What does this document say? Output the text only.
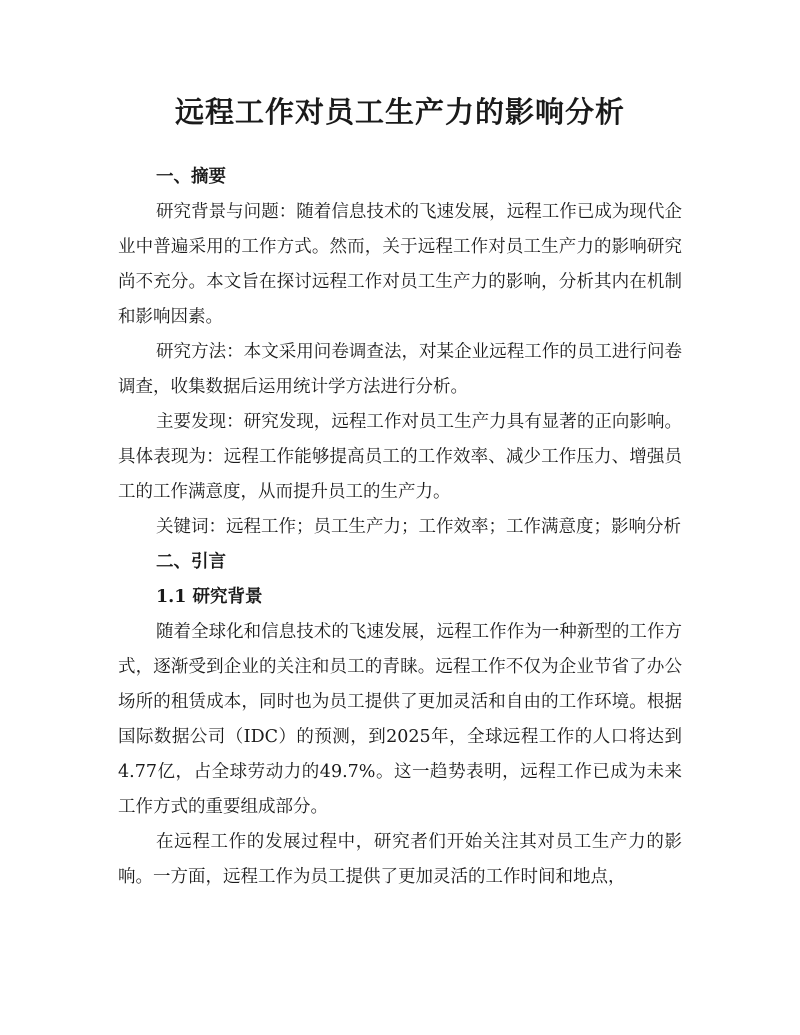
远程工作对员工生产力的影响分析
一、摘要

研究背景与问题：随着信息技术的飞速发展，远程工作已成为现代企业中普遍采用的工作方式。然而，关于远程工作对员工生产力的影响研究尚不充分。本文旨在探讨远程工作对员工生产力的影响，分析其内在机制和影响因素。

研究方法：本文采用问卷调查法，对某企业远程工作的员工进行问卷调查，收集数据后运用统计学方法进行分析。

主要发现：研究发现，远程工作对员工生产力具有显著的正向影响。具体表现为：远程工作能够提高员工的工作效率、减少工作压力、增强员工的工作满意度，从而提升员工的生产力。

关键词：远程工作；员工生产力；工作效率；工作满意度；影响分析

二、引言
1.1 研究背景

随着全球化和信息技术的飞速发展，远程工作作为一种新型的工作方式，逐渐受到企业的关注和员工的青睐。远程工作不仅为企业节省了办公场所的租赁成本，同时也为员工提供了更加灵活和自由的工作环境。根据国际数据公司（IDC）的预测，到2025年，全球远程工作的人口将达到4.77亿，占全球劳动力的49.7%。这一趋势表明，远程工作已成为未来工作方式的重要组成部分。

在远程工作的发展过程中，研究者们开始关注其对员工生产力的影响。一方面，远程工作为员工提供了更加灵活的工作时间和地点，
